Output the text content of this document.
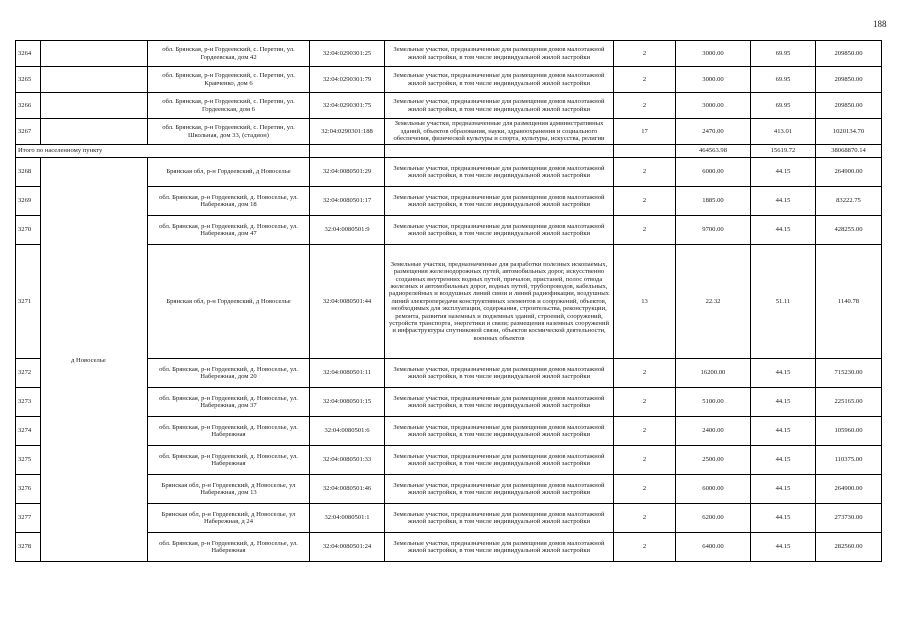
188
3264		обл. Брянская, р-н Гордеевский, с. Перетин, ул. Гордеевская, дом 42	32:04:0290301:25	Земельные участки, предназначенные для размещения домов малоэтажной жилой застройки, в том числе индивидуальной жилой застройки	2	3000.00	69.95	209850.00
3265		обл. Брянская, р-н Гордеевский, с. Перетин, ул. Кравченко, дом 6	32:04:0290301:79	Земельные участки, предназначенные для размещения домов малоэтажной жилой застройки, в том числе индивидуальной жилой застройки	2	3000.00	69.95	209850.00
3266		обл. Брянская, р-н Гордеевский, с. Перетин, ул. Гордеевская, дом 6	32:04:0290301:75	Земельные участки, предназначенные для размещения домов малоэтажной жилой застройки, в том числе индивидуальной жилой застройки	2	3000.00	69.95	209850.00
3267		обл. Брянская, р-н Гордеевский, с. Перетин, ул. Школьная, дом 33, (стадион)	32:04:0290301:188	Земельные участки, предназначенные для размещения административных зданий, объектов образования, науки, здравоохранения и социального обеспечения, физической культуры и спорта, культуры, искусства, религии	17	2470.00	413.01	1020134.70
Итого по населенному пункту						464563.98	15619.72	38068870.14
3268	д Новоселье	Брянская обл, р-н Гордеевский, д Новоселье	32:04:0080501:29	Земельные участки, предназначенные для размещения домов малоэтажной жилой застройки, в том числе индивидуальной жилой застройки	2	6000.00	44.15	264900.00
3269		обл. Брянская, р-н Гордеевский, д. Новоселье, ул. Набережная, дом 18	32:04:0080501:17	Земельные участки, предназначенные для размещения домов малоэтажной жилой застройки, в том числе индивидуальной жилой застройки	2	1885.00	44.15	83222.75
3270		обл. Брянская, р-н Гордеевский, д. Новоселье, ул. Набережная, дом 47	32:04:0080501:9	Земельные участки, предназначенные для размещения домов малоэтажной жилой застройки, в том числе индивидуальной жилой застройки	2	9700.00	44.15	428255.00
3271		Брянская обл, р-н Гордеевский, д Новоселье	32:04:0080501:44	Земельные участки, предназначенные для разработки полезных ископаемых, размещения железнодорожных путей, автомобильных дорог, искусственно созданных внутренних водных путей, причалов, пристаней, полос отвода железных и автомобильных дорог, водных путей, трубопроводов, кабельных, радиорелейных и воздушных линий связи и линий радиофикации, воздушных линий электропередачи конструктивных элементов и сооружений, объектов, необходимых для эксплуатации, содержания, строительства, реконструкции, ремонта, развития наземных и подземных зданий, строений, сооружений, устройств транспорта, энергетики и связи; размещения наземных сооружений и инфраструктуры спутниковой связи, объектов космической деятельности, военных объектов	13	22.32	51.11	1140.78
3272		обл. Брянская, р-н Гордеевский, д. Новоселье, ул. Набережная, дом 20	32:04:0080501:11	Земельные участки, предназначенные для размещения домов малоэтажной жилой застройки, в том числе индивидуальной жилой застройки	2	16200.00	44.15	715230.00
3273		обл. Брянская, р-н Гордеевский, д. Новоселье, ул. Набережная, дом 37	32:04:0080501:15	Земельные участки, предназначенные для размещения домов малоэтажной жилой застройки, в том числе индивидуальной жилой застройки	2	5100.00	44.15	225165.00
3274		обл. Брянская, р-н Гордеевский, д. Новоселье, ул. Набережная	32:04:0080501:6	Земельные участки, предназначенные для размещения домов малоэтажной жилой застройки, в том числе индивидуальной жилой застройки	2	2400.00	44.15	105960.00
3275		обл. Брянская, р-н Гордеевский, д. Новоселье, ул. Набережная	32:04:0080501:33	Земельные участки, предназначенные для размещения домов малоэтажной жилой застройки, в том числе индивидуальной жилой застройки	2	2500.00	44.15	110375.00
3276		Брянская обл, р-н Гордеевский, д Новоселье, ул Набережная, дом 13	32:04:0080501:46	Земельные участки, предназначенные для размещения домов малоэтажной жилой застройки, в том числе индивидуальной жилой застройки	2	6000.00	44.15	264900.00
3277		Брянская обл, р-н Гордеевский, д Новоселье, ул Набережная, д 24	32:04:0080501:1	Земельные участки, предназначенные для размещения домов малоэтажной жилой застройки, в том числе индивидуальной жилой застройки	2	6200.00	44.15	273730.00
3278		обл. Брянская, р-н Гордеевский, д. Новоселье, ул. Набережная	32:04:0080501:24	Земельные участки, предназначенные для размещения домов малоэтажной жилой застройки, в том числе индивидуальной жилой застройки	2	6400.00	44.15	282560.00
